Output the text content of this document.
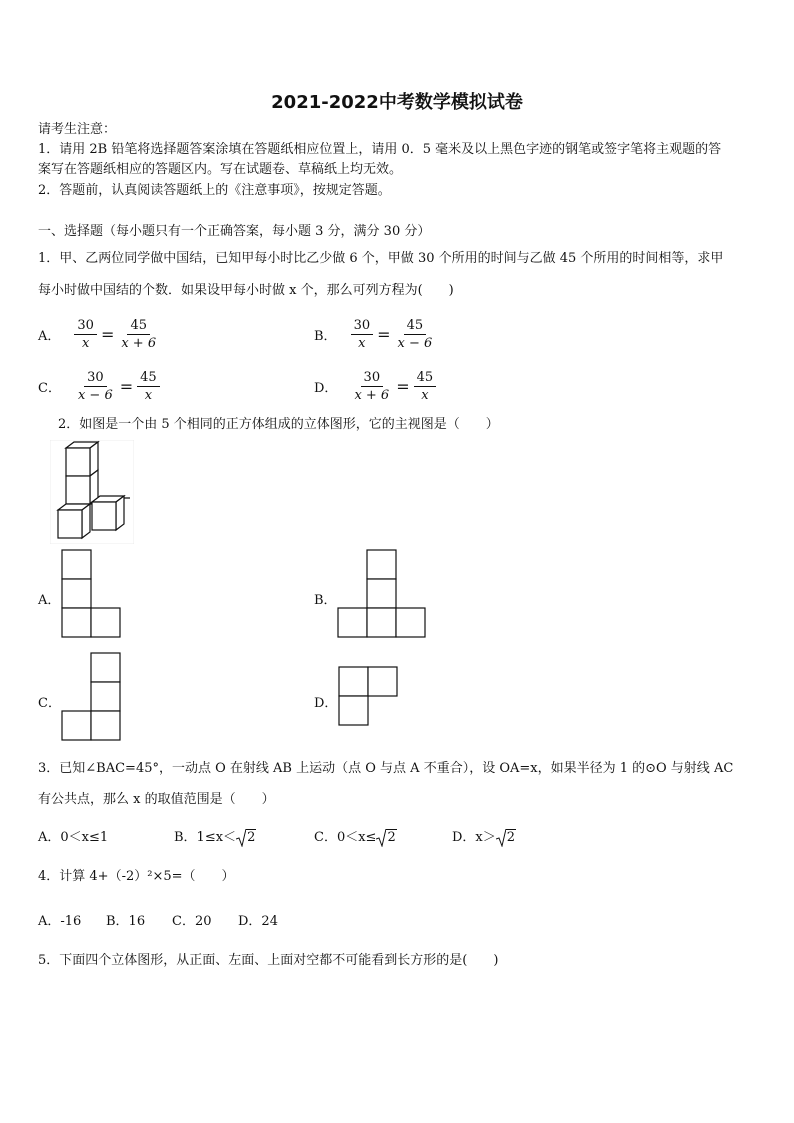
2021-2022中考数学模拟试卷
请考生注意：
1．请用 2B 铅笔将选择题答案涂填在答题纸相应位置上，请用 0．5 毫米及以上黑色字迹的钢笔或签字笔将主观题的答
案写在答题纸相应的答题区内。写在试题卷、草稿纸上均无效。
2．答题前，认真阅读答题纸上的《注意事项》，按规定答题。
一、选择题（每小题只有一个正确答案，每小题 3 分，满分 30 分）
1．甲、乙两位同学做中国结，已知甲每小时比乙少做 6 个，甲做 30 个所用的时间与乙做 45 个所用的时间相等，求甲
每小时做中国结的个数．如果设甲每小时做 x 个，那么可列方程为(　　)
A． $\frac{30}{x} = \frac{45}{x + 6}$	B． $\frac{30}{x} = \frac{45}{x - 6}$
C． $\frac{30}{x - 6} = \frac{45}{x}$	D． $\frac{30}{x + 6} = \frac{45}{x}$
2．如图是一个由 5 个相同的正方体组成的立体图形，它的主视图是（　　）
A．	B．
C．	D．
3．已知∠BAC=45°，一动点 O 在射线 AB 上运动（点 O 与点 A 不重合），设 OA=x，如果半径为 1 的⊙O 与射线 AC
有公共点，那么 x 的取值范围是（　　）
A．0＜x≤1	B．1≤x＜ 2	C．0＜x≤ 2	D．x＞ 2
4．计算 4+（-2）²×5=（　　）
A．-16 B．16 C．20 D．24
5．下面四个立体图形，从正面、左面、上面对空都不可能看到长方形的是(　　)
